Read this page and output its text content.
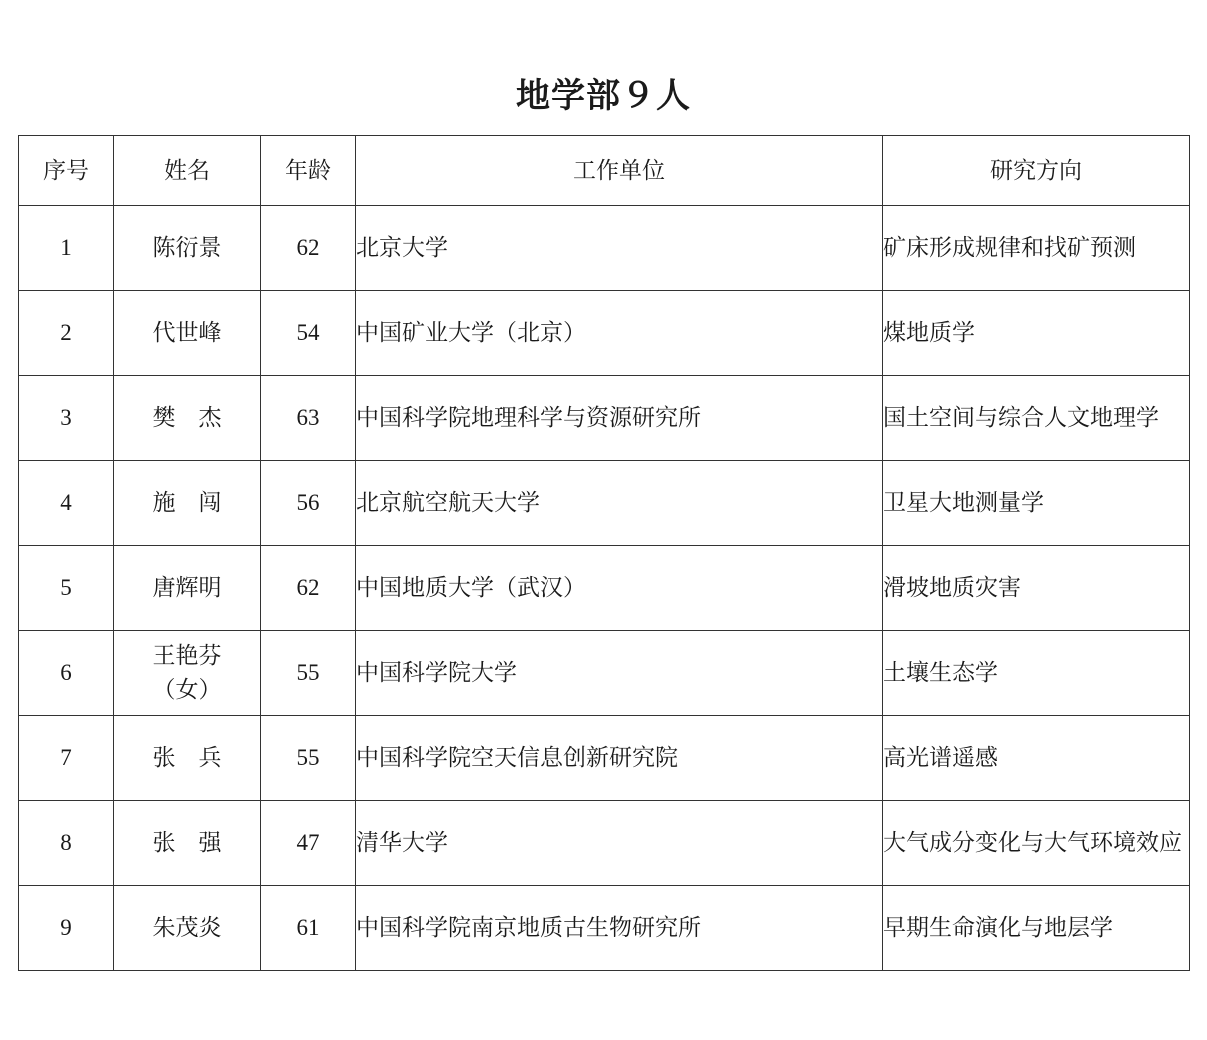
地学部９人
序号	姓名	年龄	工作单位	研究方向
1	陈衍景	62	北京大学	矿床形成规律和找矿预测
2	代世峰	54	中国矿业大学（北京）	煤地质学
3	樊　杰	63	中国科学院地理科学与资源研究所	国土空间与综合人文地理学
4	施　闯	56	北京航空航天大学	卫星大地测量学
5	唐辉明	62	中国地质大学（武汉）	滑坡地质灾害
6	王艳芬（女）	55	中国科学院大学	土壤生态学
7	张　兵	55	中国科学院空天信息创新研究院	高光谱遥感
8	张　强	47	清华大学	大气成分变化与大气环境效应
9	朱茂炎	61	中国科学院南京地质古生物研究所	早期生命演化与地层学
